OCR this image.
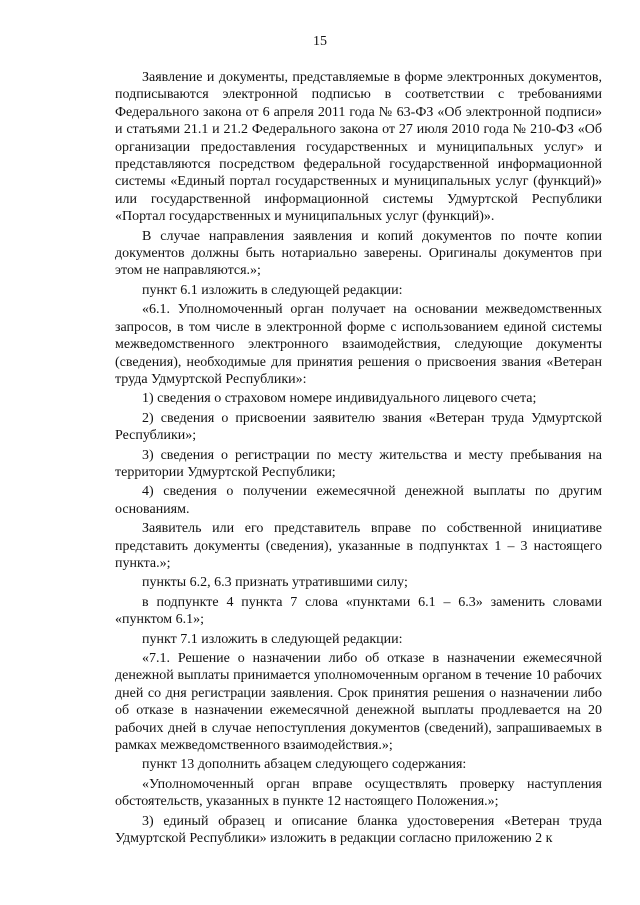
15

Заявление и документы, представляемые в форме электронных документов, подписываются электронной подписью в соответствии с требованиями Федерального закона от 6 апреля 2011 года № 63-ФЗ «Об электронной подписи» и статьями 21.1 и 21.2 Федерального закона от 27 июля 2010 года № 210-ФЗ «Об организации предоставления государственных и муниципальных услуг» и представляются посредством федеральной государственной информационной системы «Единый портал государственных и муниципальных услуг (функций)» или государственной информационной системы Удмуртской Республики «Портал государственных и муниципальных услуг (функций)».

В случае направления заявления и копий документов по почте копии документов должны быть нотариально заверены. Оригиналы документов при этом не направляются.»;

пункт 6.1 изложить в следующей редакции:

«6.1. Уполномоченный орган получает на основании межведомственных запросов, в том числе в электронной форме с использованием единой системы межведомственного электронного взаимодействия, следующие документы (сведения), необходимые для принятия решения о присвоения звания «Ветеран труда Удмуртской Республики»:

1) сведения о страховом номере индивидуального лицевого счета;

2) сведения о присвоении заявителю звания «Ветеран труда Удмуртской Республики»;

3) сведения о регистрации по месту жительства и месту пребывания на территории Удмуртской Республики;

4) сведения о получении ежемесячной денежной выплаты по другим основаниям.

Заявитель или его представитель вправе по собственной инициативе представить документы (сведения), указанные в подпунктах 1 – 3 настоящего пункта.»;

пункты 6.2, 6.3 признать утратившими силу;

в подпункте 4 пункта 7 слова «пунктами 6.1 – 6.3» заменить словами «пунктом 6.1»;

пункт 7.1 изложить в следующей редакции:

«7.1. Решение о назначении либо об отказе в назначении ежемесячной денежной выплаты принимается уполномоченным органом в течение 10 рабочих дней со дня регистрации заявления. Срок принятия решения о назначении либо об отказе в назначении ежемесячной денежной выплаты продлевается на 20 рабочих дней в случае непоступления документов (сведений), запрашиваемых в рамках межведомственного взаимодействия.»;

пункт 13 дополнить абзацем следующего содержания:

«Уполномоченный орган вправе осуществлять проверку наступления обстоятельств, указанных в пункте 12 настоящего Положения.»;

3) единый образец и описание бланка удостоверения «Ветеран труда Удмуртской Республики» изложить в редакции согласно приложению 2 к
